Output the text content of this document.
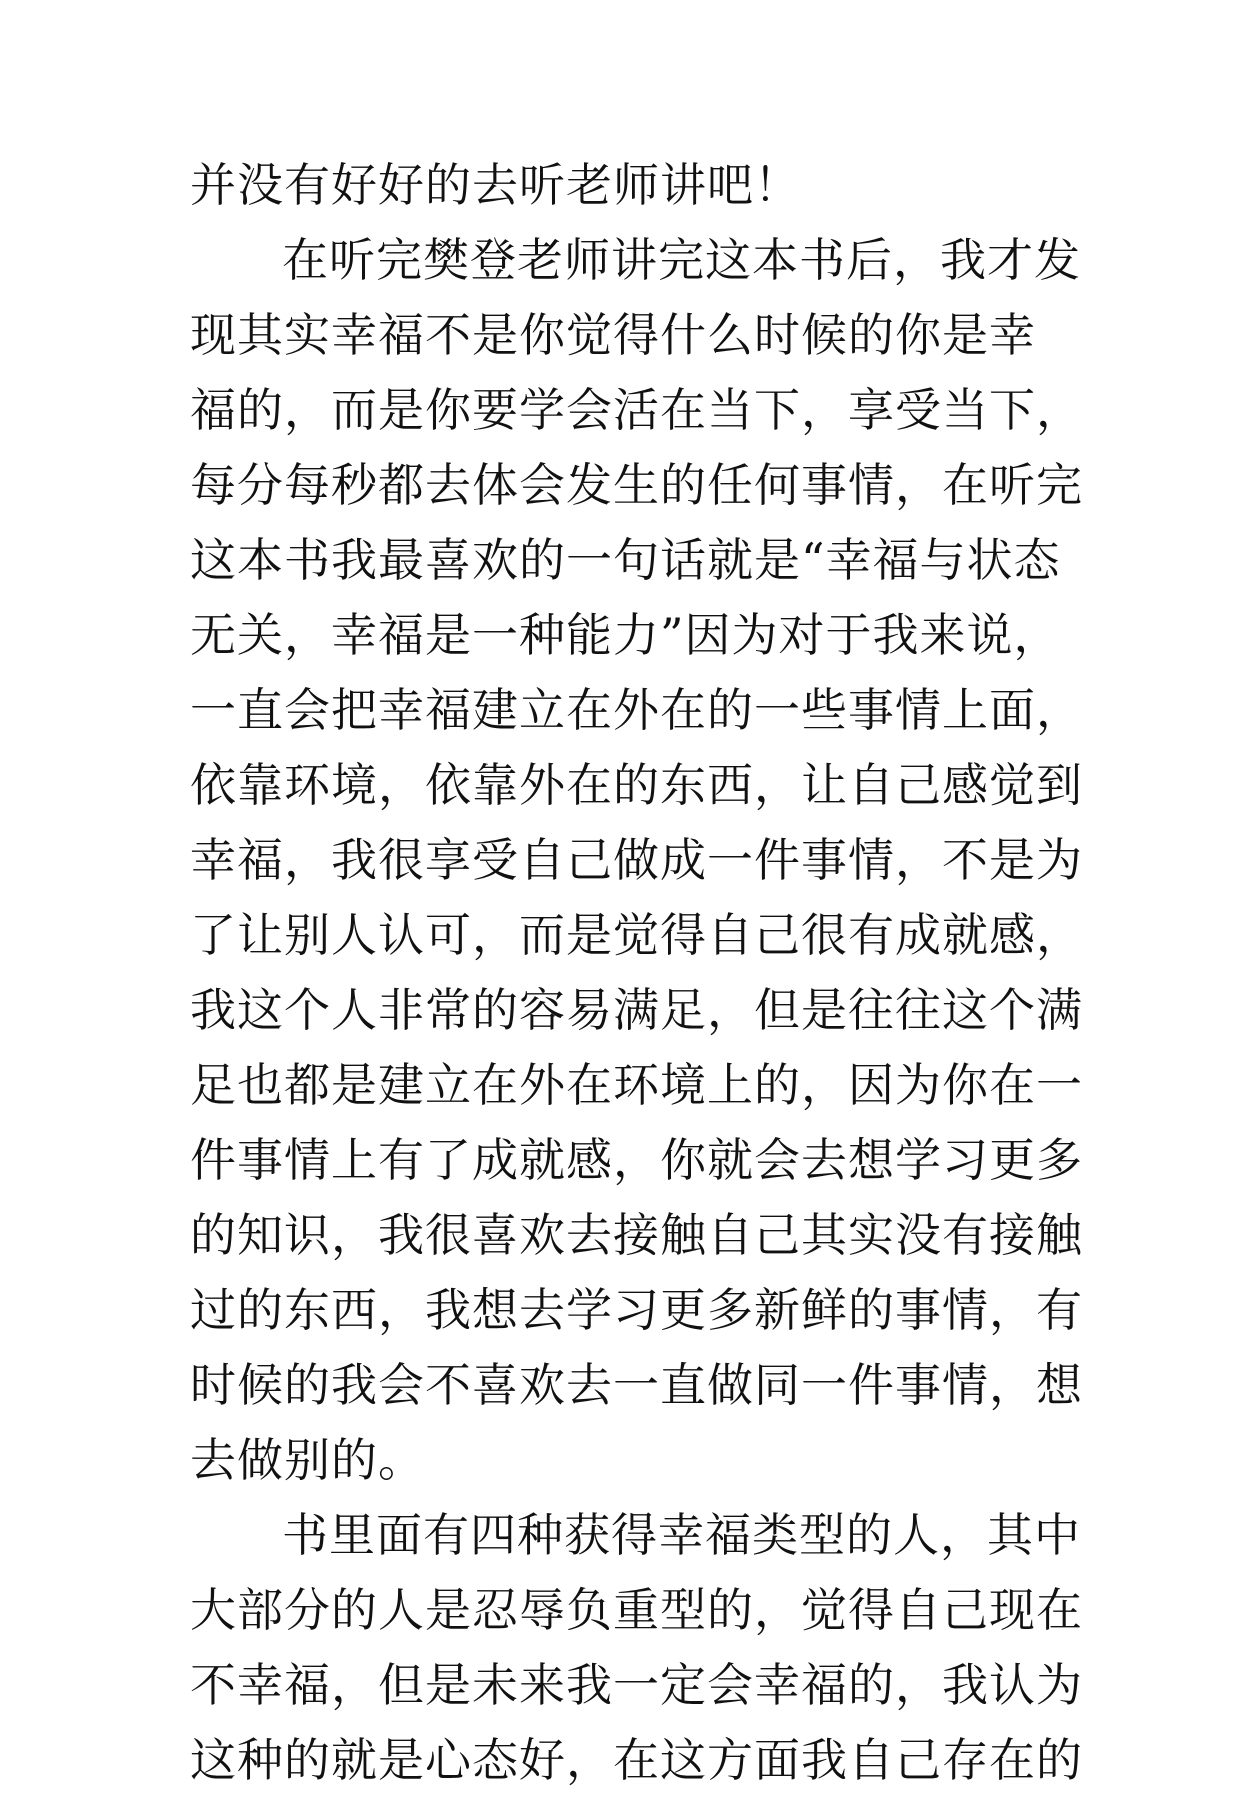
并没有好好的去听老师讲吧！
在听完樊登老师讲完这本书后，我才发
现其实幸福不是你觉得什么时候的你是幸
福的，而是你要学会活在当下，享受当下，
每分每秒都去体会发生的任何事情，在听完
这本书我最喜欢的一句话就是“幸福与状态
无关，幸福是一种能力”因为对于我来说，
一直会把幸福建立在外在的一些事情上面，
依靠环境，依靠外在的东西，让自己感觉到
幸福，我很享受自己做成一件事情，不是为
了让别人认可，而是觉得自己很有成就感，
我这个人非常的容易满足，但是往往这个满
足也都是建立在外在环境上的，因为你在一
件事情上有了成就感，你就会去想学习更多
的知识，我很喜欢去接触自己其实没有接触
过的东西，我想去学习更多新鲜的事情，有
时候的我会不喜欢去一直做同一件事情，想
去做别的。
书里面有四种获得幸福类型的人，其中
大部分的人是忍辱负重型的，觉得自己现在
不幸福，但是未来我一定会幸福的，我认为
这种的就是心态好，在这方面我自己存在的
